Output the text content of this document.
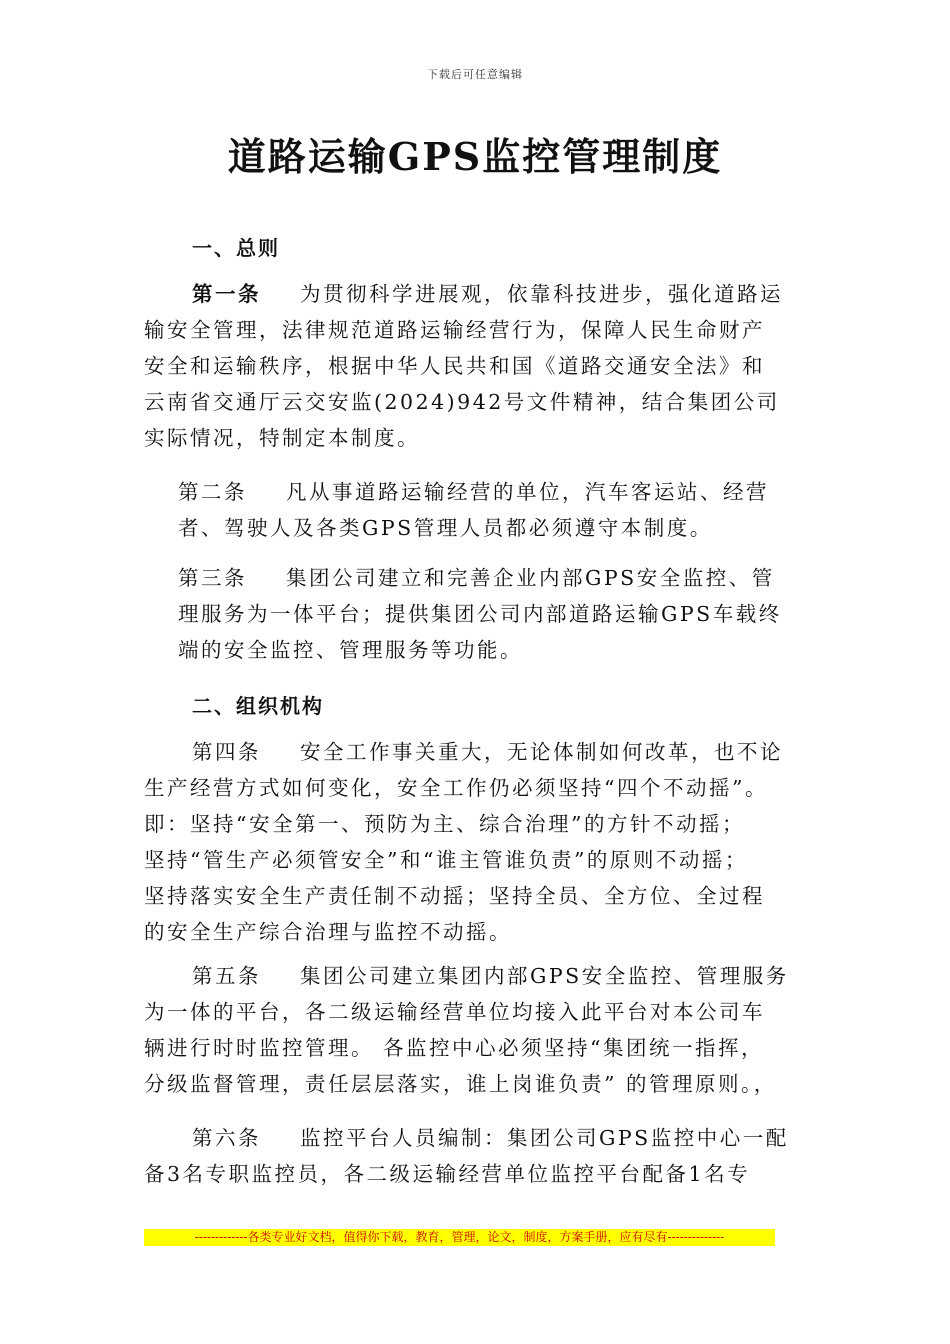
下载后可任意编辑
道路运输GPS监控管理制度
一、总则

第一条 为贯彻科学进展观，依靠科技进步，强化道路运

输安全管理，法律规范道路运输经营行为，保障人民生命财产
安全和运输秩序，根据中华人民共和国《道路交通安全法》和
云南省交通厅云交安监(2024)942号文件精神，结合集团公司
实际情况，特制定本制度。

第二条 凡从事道路运输经营的单位，汽车客运站、经营
者、驾驶人及各类GPS管理人员都必须遵守本制度。

第三条 集团公司建立和完善企业内部GPS安全监控、管
理服务为一体平台；提供集团公司内部道路运输GPS车载终
端的安全监控、管理服务等功能。

二、组织机构

第四条 安全工作事关重大，无论体制如何改革，也不论

生产经营方式如何变化，安全工作仍必须坚持“四个不动摇”。
即：坚持“安全第一、预防为主、综合治理”的方针不动摇；
坚持“管生产必须管安全”和“谁主管谁负责”的原则不动摇；
坚持落实安全生产责任制不动摇；坚持全员、全方位、全过程
的安全生产综合治理与监控不动摇。

第五条 集团公司建立集团内部GPS安全监控、管理服务

为一体的平台，各二级运输经营单位均接入此平台对本公司车
辆进行时时监控管理。 各监控中心必须坚持“集团统一指挥，
分级监督管理，责任层层落实，谁上岗谁负责” 的管理原则。，

第六条 监控平台人员编制：集团公司GPS监控中心一配

备3名专职监控员，各二级运输经营单位监控平台配备1名专

-------------各类专业好文档，值得你下载，教育，管理，论文，制度，方案手册，应有尽有--------------
